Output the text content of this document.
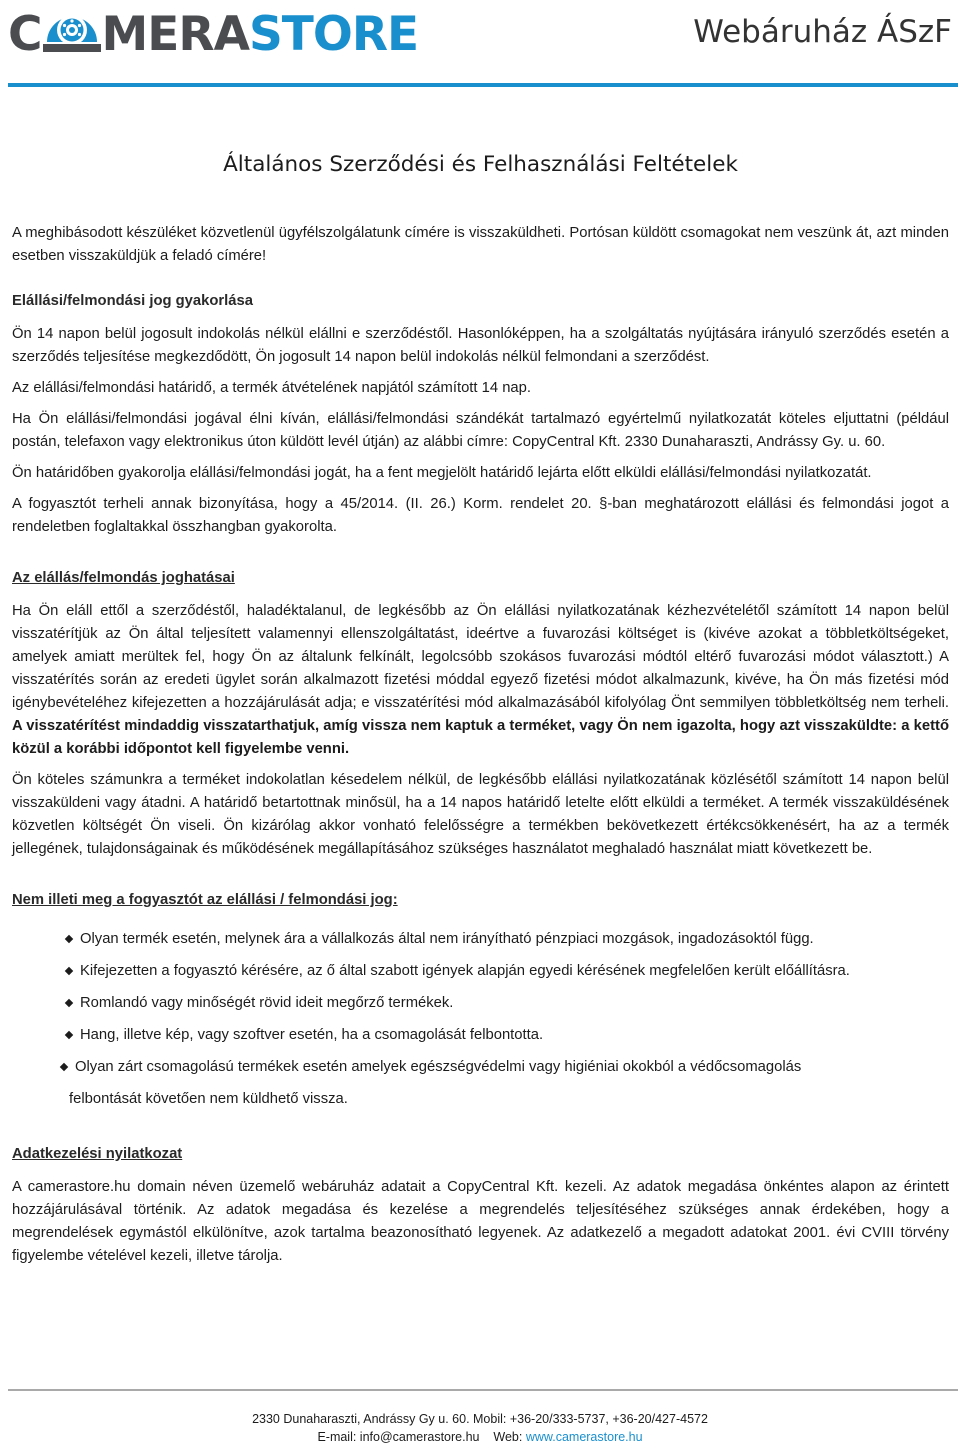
C MERA STORE	Webáruház ÁSzF
Általános Szerződési és Felhasználási Feltételek

A meghibásodott készüléket közvetlenül ügyfélszolgálatunk címére is visszaküldheti. Portósan küldött csomagokat nem veszünk át, azt minden esetben visszaküldjük a feladó címére!

Elállási/felmondási jog gyakorlása

Ön 14 napon belül jogosult indokolás nélkül elállni e szerződéstől. Hasonlóképpen, ha a szolgáltatás nyújtására irányuló szerződés esetén a szerződés teljesítése megkezdődött, Ön jogosult 14 napon belül indokolás nélkül felmondani a szerződést.

Az elállási/felmondási határidő, a termék átvételének napjától számított 14 nap.

Ha Ön elállási/felmondási jogával élni kíván, elállási/felmondási szándékát tartalmazó egyértelmű nyilatkozatát köteles eljuttatni (például postán, telefaxon vagy elektronikus úton küldött levél útján) az alábbi címre: CopyCentral Kft. 2330 Dunaharaszti, Andrássy Gy. u. 60.

Ön határidőben gyakorolja elállási/felmondási jogát, ha a fent megjelölt határidő lejárta előtt elküldi elállási/felmondási nyilatkozatát.

A fogyasztót terheli annak bizonyítása, hogy a 45/2014. (II. 26.) Korm. rendelet 20. §-ban meghatározott elállási és felmondási jogot a rendeletben foglaltakkal összhangban gyakorolta.

Az elállás/felmondás joghatásai

Ha Ön eláll ettől a szerződéstől, haladéktalanul, de legkésőbb az Ön elállási nyilatkozatának kézhezvételétől számított 14 napon belül visszatérítjük az Ön által teljesített valamennyi ellenszolgáltatást, ideértve a fuvarozási költséget is (kivéve azokat a többletköltségeket, amelyek amiatt merültek fel, hogy Ön az általunk felkínált, legolcsóbb szokásos fuvarozási módtól eltérő fuvarozási módot választott.) A visszatérítés során az eredeti ügylet során alkalmazott fizetési móddal egyező fizetési módot alkalmazunk, kivéve, ha Ön más fizetési mód igénybevételéhez kifejezetten a hozzájárulását adja; e visszatérítési mód alkalmazásából kifolyólag Önt semmilyen többletköltség nem terheli. A visszatérítést mindaddig visszatarthatjuk, amíg vissza nem kaptuk a terméket, vagy Ön nem igazolta, hogy azt visszaküldte: a kettő közül a korábbi időpontot kell figyelembe venni.

Ön köteles számunkra a terméket indokolatlan késedelem nélkül, de legkésőbb elállási nyilatkozatának közlésétől számított 14 napon belül visszaküldeni vagy átadni. A határidő betartottnak minősül, ha a 14 napos határidő letelte előtt elküldi a terméket. A termék visszaküldésének közvetlen költségét Ön viseli. Ön kizárólag akkor vonható felelősségre a termékben bekövetkezett értékcsökkenésért, ha az a termék jellegének, tulajdonságainak és működésének megállapításához szükséges használatot meghaladó használat miatt következett be.

Nem illeti meg a fogyasztót az elállási / felmondási jog:
Olyan termék esetén, melynek ára a vállalkozás által nem irányítható pénzpiaci mozgások, ingadozásoktól függ.
Kifejezetten a fogyasztó kérésére, az ő által szabott igények alapján egyedi kérésének megfelelően került előállításra.
Romlandó vagy minőségét rövid ideit megőrző termékek.
Hang, illetve kép, vagy szoftver esetén, ha a csomagolását felbontotta.
Olyan zárt csomagolású termékek esetén amelyek egészségvédelmi vagy higiéniai okokból a védőcsomagolás
felbontását követően nem küldhető vissza.
Adatkezelési nyilatkozat

A camerastore.hu domain néven üzemelő webáruház adatait a CopyCentral Kft. kezeli. Az adatok megadása önkéntes alapon az érintett hozzájárulásával történik. Az adatok megadása és kezelése a megrendelés teljesítéséhez szükséges annak érdekében, hogy a megrendelések egymástól elkülönítve, azok tartalma beazonosítható legyenek. Az adatkezelő a megadott adatokat 2001. évi CVIII törvény figyelembe vételével kezeli, illetve tárolja.

2330 Dunaharaszti, Andrássy Gy u. 60. Mobil: +36-20/333-5737, +36-20/427-4572
E-mail: info@camerastore.hu Web: www.camerastore.hu
